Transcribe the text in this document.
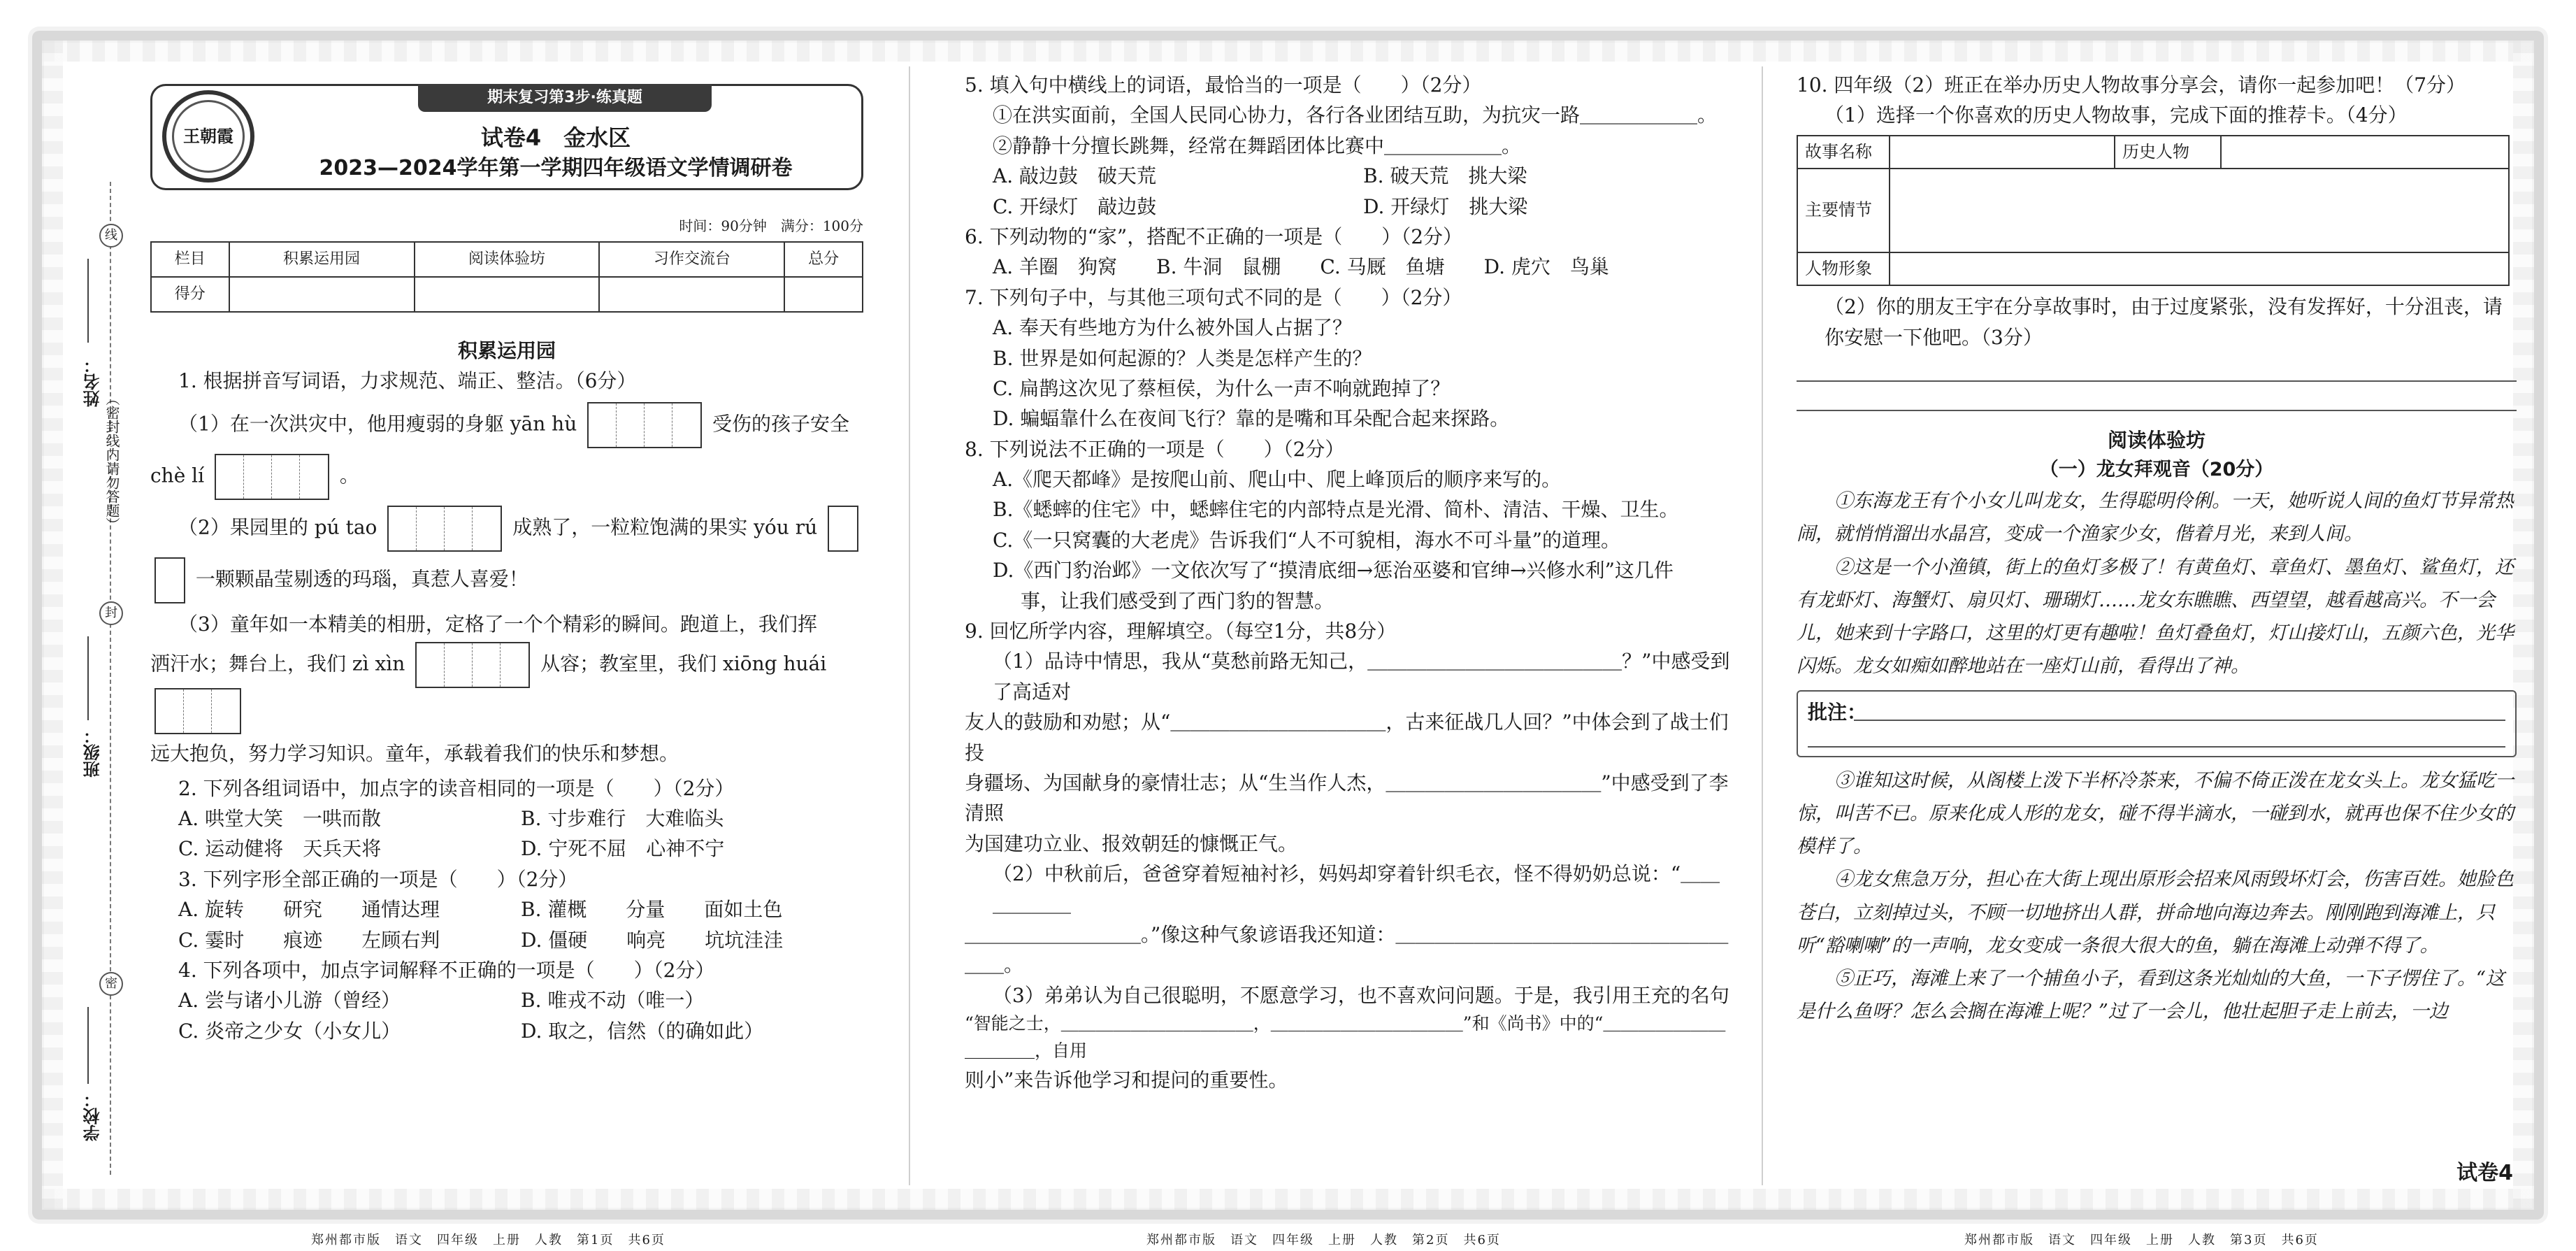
线
姓名：
（密封线内请勿答题）
封
班级：
密
学校：
王朝霞
期末复习第3步·练真题
试卷4　金水区
2023—2024学年第一学期四年级语文学情调研卷
时间：90分钟　满分：100分
栏目	积累运用园	阅读体验坊	习作交流台	总分
得分				
积累运用园
1. 根据拼音写词语，力求规范、端正、整洁。（6分）
（1）在一次洪灾中，他用瘦弱的身躯 yān hù	受伤的孩子安全
chè lí	。
（2）果园里的 pú tao	成熟了，一粒粒饱满的果实 yóu rú
一颗颗晶莹剔透的玛瑙，真惹人喜爱！
（3）童年如一本精美的相册，定格了一个个精彩的瞬间。跑道上，我们挥
洒汗水；舞台上，我们 zì xìn	从容；教室里，我们 xiōng huái
远大抱负，努力学习知识。童年，承载着我们的快乐和梦想。
2. 下列各组词语中，加点字的读音相同的一项是（　　）（2分）
A. 哄堂大笑　一哄而散	B. 寸步难行　大难临头
C. 运动健将　天兵天将	D. 宁死不屈　心神不宁
3. 下列字形全部正确的一项是（　　）（2分）
A. 旋转　　研究　　通情达理	B. 灌概　　分量　　面如土色
C. 霎时　　痕迹　　左顾右判	D. 僵硬　　响亮　　坑坑洼洼
4. 下列各项中，加点字词解释不正确的一项是（　　）（2分）
A. 尝与诸小儿游（曾经）	B. 唯戎不动（唯一）
C. 炎帝之少女（小女儿）	D. 取之，信然（的确如此）
郑州都市版　语文　四年级　上册　人教　第1页　共6页
5. 填入句中横线上的词语，最恰当的一项是（　　）（2分）
①在洪实面前，全国人民同心协力，各行各业团结互助，为抗灾一路＿＿＿＿＿＿。
②静静十分擅长跳舞，经常在舞蹈团体比赛中＿＿＿＿＿＿。
A. 敲边鼓　破天荒	B. 破天荒　挑大梁
C. 开绿灯　敲边鼓	D. 开绿灯　挑大梁
6. 下列动物的“家”，搭配不正确的一项是（　　）（2分）
A. 羊圈　狗窝　　B. 牛洞　鼠棚　　C. 马厩　鱼塘　　D. 虎穴　鸟巢
7. 下列句子中，与其他三项句式不同的是（　　）（2分）
A. 奉天有些地方为什么被外国人占据了？
B. 世界是如何起源的？人类是怎样产生的？
C. 扁鹊这次见了蔡桓侯，为什么一声不响就跑掉了？
D. 蝙蝠靠什么在夜间飞行？靠的是嘴和耳朵配合起来探路。
8. 下列说法不正确的一项是（　　）（2分）
A.《爬天都峰》是按爬山前、爬山中、爬上峰顶后的顺序来写的。
B.《蟋蟀的住宅》中，蟋蟀住宅的内部特点是光滑、简朴、清洁、干燥、卫生。
C.《一只窝囊的大老虎》告诉我们“人不可貌相，海水不可斗量”的道理。
D.《西门豹治邺》一文依次写了“摸清底细→惩治巫婆和官绅→兴修水利”这几件
事，让我们感受到了西门豹的智慧。
9. 回忆所学内容，理解填空。（每空1分，共8分）
（1）品诗中情思，我从“莫愁前路无知己，＿＿＿＿＿＿＿＿＿＿＿＿＿？”中感受到了高适对
友人的鼓励和劝慰；从“＿＿＿＿＿＿＿＿＿＿＿，古来征战几人回？”中体会到了战士们投
身疆场、为国献身的豪情壮志；从“生当作人杰，＿＿＿＿＿＿＿＿＿＿＿”中感受到了李清照
为国建功立业、报效朝廷的慷慨正气。
（2）中秋前后，爸爸穿着短袖衬衫，妈妈却穿着针织毛衣，怪不得奶奶总说：“＿＿＿＿＿＿
＿＿＿＿＿＿＿＿＿。”像这种气象谚语我还知道：＿＿＿＿＿＿＿＿＿＿＿＿＿＿＿＿＿＿＿。
（3）弟弟认为自己很聪明，不愿意学习，也不喜欢问问题。于是，我引用王充的名句
“智能之士，＿＿＿＿＿＿＿＿＿＿＿，＿＿＿＿＿＿＿＿＿＿＿”和《尚书》中的“＿＿＿＿＿＿＿＿＿＿＿，自用
则小”来告诉他学习和提问的重要性。
郑州都市版　语文　四年级　上册　人教　第2页　共6页
10. 四年级（2）班正在举办历史人物故事分享会，请你一起参加吧！（7分）
（1）选择一个你喜欢的历史人物故事，完成下面的推荐卡。（4分）
故事名称		历史人物	
主要情节			
人物形象			
（2）你的朋友王宇在分享故事时，由于过度紧张，没有发挥好，十分沮丧，请你安慰一下他吧。（3分）
阅读体验坊
（一）龙女拜观音（20分）

①东海龙王有个小女儿叫龙女，生得聪明伶俐。一天，她听说人间的鱼灯节异常热闹，就悄悄溜出水晶宫，变成一个渔家少女，偕着月光，来到人间。

②这是一个小渔镇，街上的鱼灯多极了！有黄鱼灯、章鱼灯、墨鱼灯、鲨鱼灯，还有龙虾灯、海蟹灯、扇贝灯、珊瑚灯……龙女东瞧瞧、西望望，越看越高兴。不一会儿，她来到十字路口，这里的灯更有趣啦！鱼灯叠鱼灯，灯山接灯山，五颜六色，光华闪烁。龙女如痴如醉地站在一座灯山前，看得出了神。

批注：

③谁知这时候，从阁楼上泼下半杯冷茶来，不偏不倚正泼在龙女头上。龙女猛吃一惊，叫苦不已。原来化成人形的龙女，碰不得半滴水，一碰到水，就再也保不住少女的模样了。

④龙女焦急万分，担心在大街上现出原形会招来风雨毁坏灯会，伤害百姓。她脸色苍白，立刻掉过头，不顾一切地挤出人群，拼命地向海边奔去。刚刚跑到海滩上，只听“豁喇喇”的一声响，龙女变成一条很大很大的鱼，躺在海滩上动弹不得了。

⑤正巧，海滩上来了一个捕鱼小子，看到这条光灿灿的大鱼，一下子愣住了。“这是什么鱼呀？怎么会搁在海滩上呢？”过了一会儿，他壮起胆子走上前去，一边

郑州都市版　语文　四年级　上册　人教　第3页　共6页
试卷4
